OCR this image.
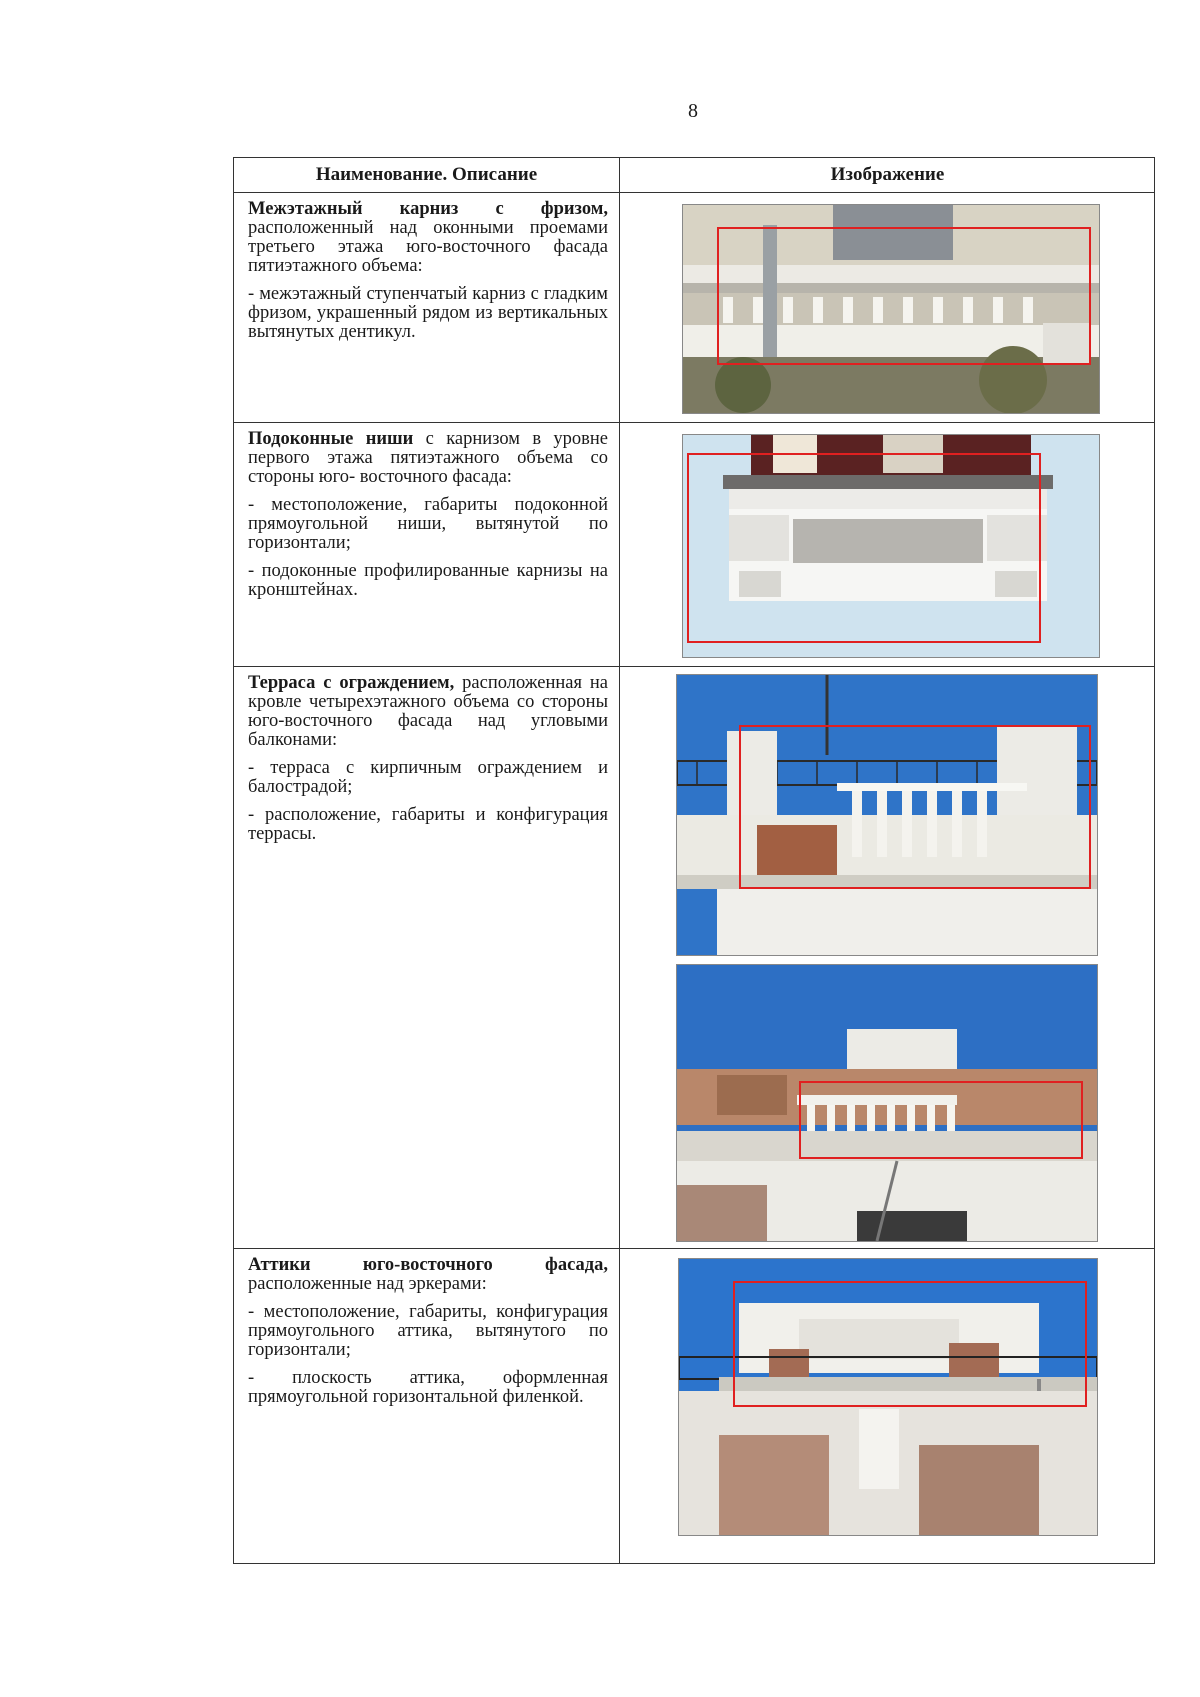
8
Наименование. Описание	Изображение

Межэтажный карниз с фризом, расположенный над оконными проемами третьего этажа юго-восточного фасада пятиэтажного объема:

- межэтажный ступенчатый карниз с гладким фризом, украшенный рядом из вертикальных вытянутых дентикул.

Подоконные ниши с карнизом в уровне первого этажа пятиэтажного объема со стороны юго- восточного фасада:

- местоположение, габариты подоконной прямоугольной ниши, вытянутой по горизонтали;

- подоконные профилированные карнизы на кронштейнах.

Терраса с ограждением, расположенная на кровле четырехэтажного объема со стороны юго-восточного фасада над угловыми балконами:

- терраса с кирпичным ограждением и балострадой;

- расположение, габариты и конфигурация террасы.

Аттики юго-восточного фасада, расположенные над эркерами:

- местоположение, габариты, конфигурация прямоугольного аттика, вытянутого по горизонтали;

- плоскость аттика, оформленная прямоугольной горизонтальной филенкой.
